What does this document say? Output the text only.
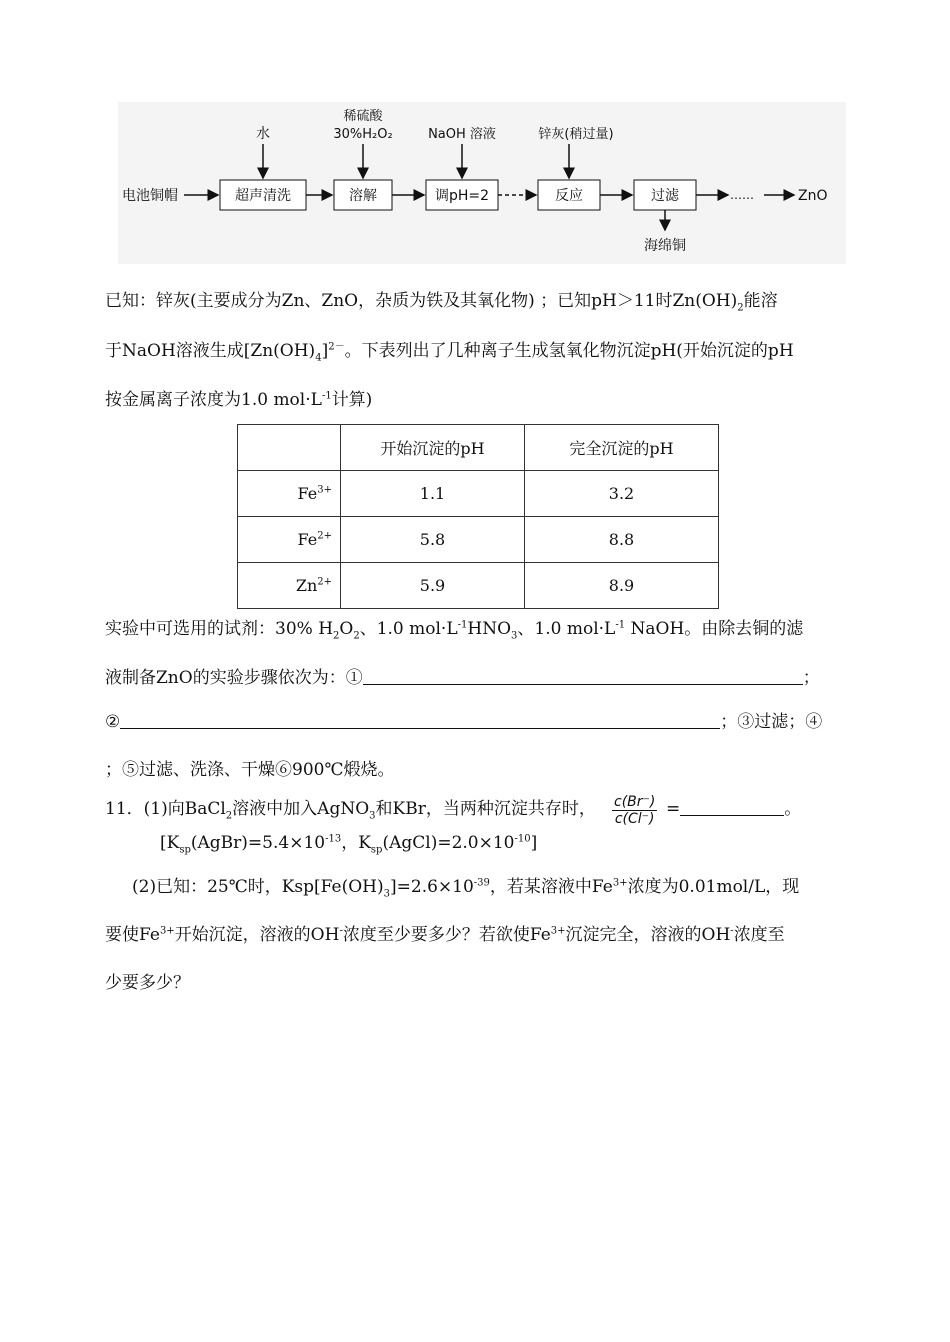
电池铜帽	超声清洗	溶解	调pH=2	反应	过滤	……	ZnO
水
稀硫酸
30%H₂O₂	NaOH 溶液	锌灰(稍过量)
海绵铜
已知：锌灰(主要成分为Zn、ZnO，杂质为铁及其氧化物) ；已知pH＞11时$Zn(OH)_2$能溶
于NaOH溶液生成$[Zn(OH)_4]^{2-}$。下表列出了几种离子生成氢氧化物沉淀pH(开始沉淀的pH
按金属离子浓度为1.0 $mol\cdot L^{-1}$计算)
	开始沉淀的pH	完全沉淀的pH
$Fe^{3+}$	1.1	3.2
$Fe^{2+}$	5.8	8.8
$Zn^{2+}$	5.9	8.9
实验中可选用的试剂：30% $H_2O_2$、1.0 $mol\cdot L^{-1}HNO_3$、1.0 $mol\cdot L^{-1}$ NaOH。由除去铜的滤
液制备ZnO的实验步骤依次为：①	；
②	；③过滤；④
；⑤过滤、洗涤、干燥⑥900℃煅烧。
11．(1)向BaCl$_2$溶液中加入AgNO$_3$和KBr，当两种沉淀共存时， $\frac{c(Br^-)}{c(Cl^-)}$ =	。
[$K_{sp}(AgBr)=5.4\times 10^{-13}$，$K_{sp}(AgCl)=2.0\times 10^{-10}$]
(2)已知：25℃时，$Ksp[Fe(OH)_3]=2.6\times 10^{-39}$，若某溶液中$Fe^{3+}$浓度为0.01mol/L，现
要使$Fe^{3+}$开始沉淀，溶液的OH-浓度至少要多少？若欲使$Fe^{3+}$沉淀完全，溶液的OH-浓度至
少要多少？
